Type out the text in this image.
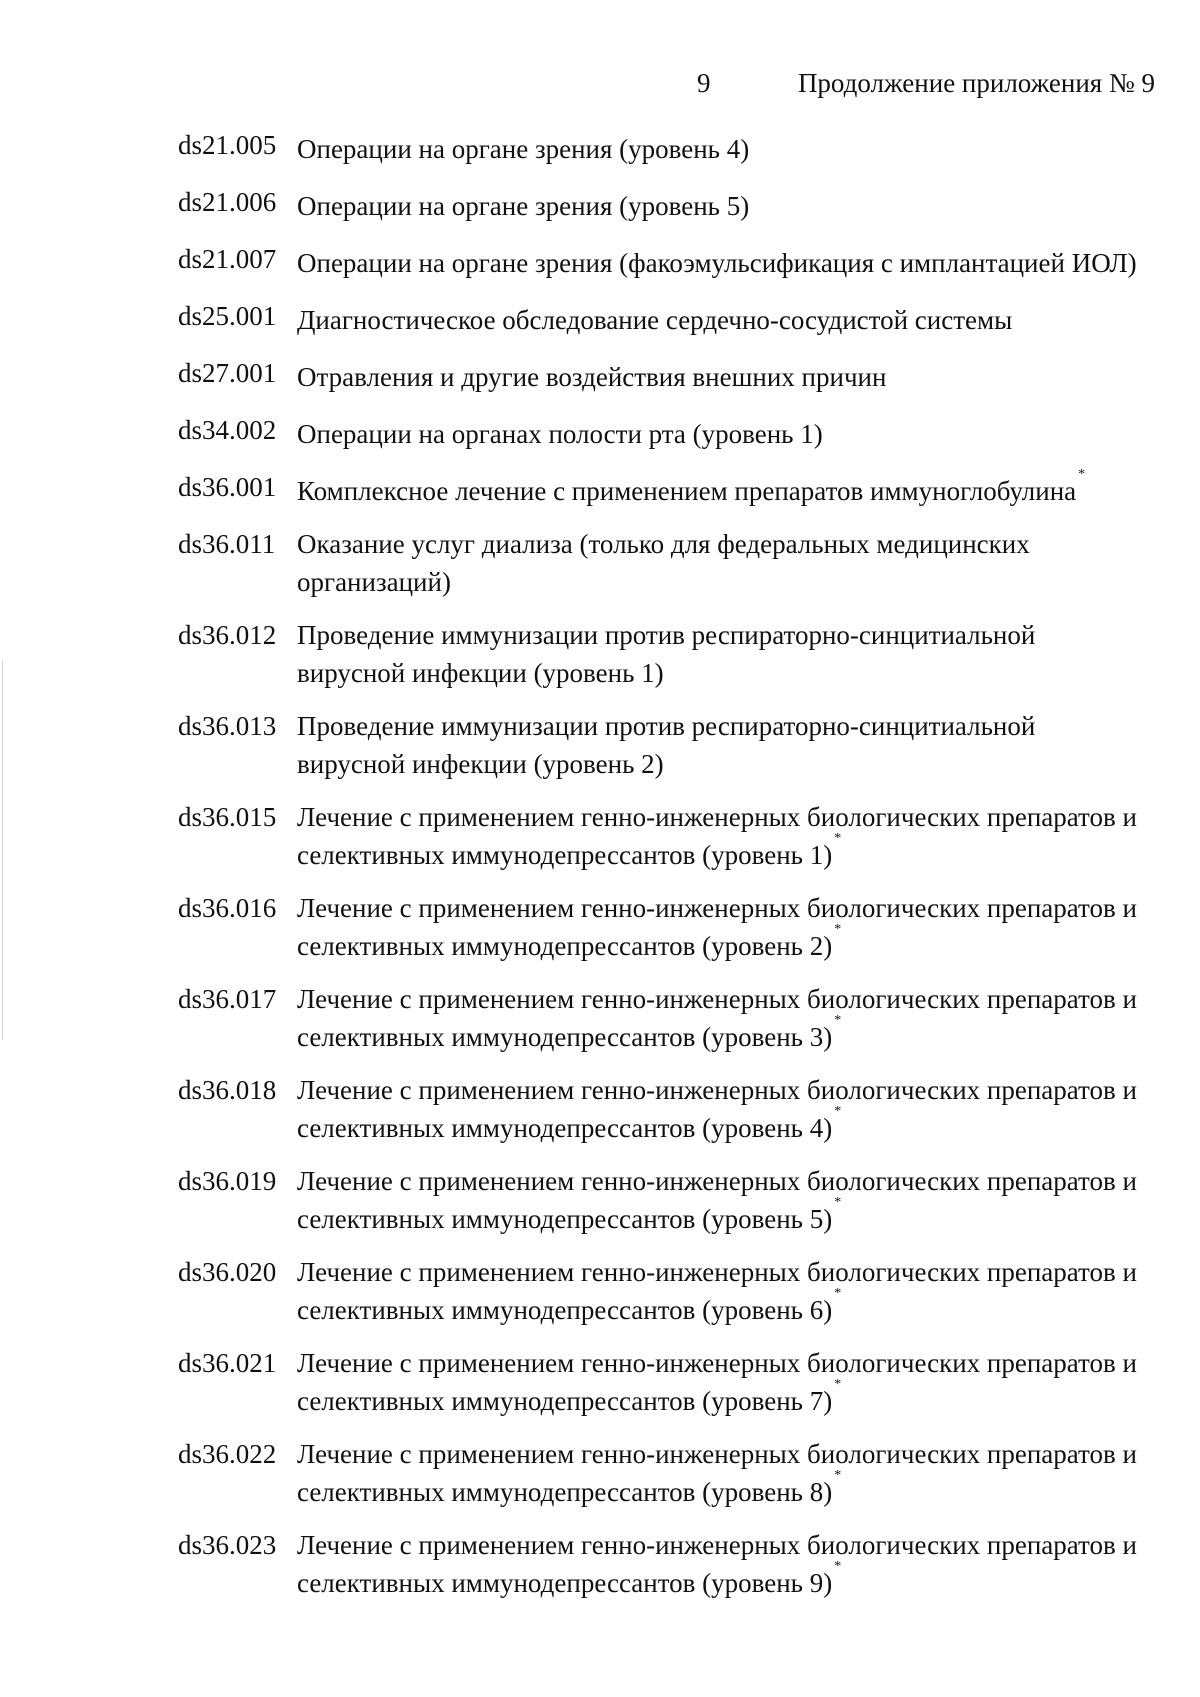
9	Продолжение приложения № 9
ds21.005 Операции на органе зрения (уровень 4)
ds21.006 Операции на органе зрения (уровень 5)
ds21.007 Операции на органе зрения (факоэмульсификация с имплантацией ИОЛ)
ds25.001 Диагностическое обследование сердечно-сосудистой системы
ds27.001 Отравления и другие воздействия внешних причин
ds34.002 Операции на органах полости рта (уровень 1)
ds36.001 Комплексное лечение с применением препаратов иммуноглобулина*
ds36.011 Оказание услуг диализа (только для федеральных медицинских организаций)
ds36.012 Проведение иммунизации против респираторно-синцитиальной вирусной инфекции (уровень 1)
ds36.013 Проведение иммунизации против респираторно-синцитиальной вирусной инфекции (уровень 2)
ds36.015 Лечение с применением генно-инженерных биологических препаратов и селективных иммунодепрессантов (уровень 1)*
ds36.016 Лечение с применением генно-инженерных биологических препаратов и селективных иммунодепрессантов (уровень 2)*
ds36.017 Лечение с применением генно-инженерных биологических препаратов и селективных иммунодепрессантов (уровень 3)*
ds36.018 Лечение с применением генно-инженерных биологических препаратов и селективных иммунодепрессантов (уровень 4)*
ds36.019 Лечение с применением генно-инженерных биологических препаратов и селективных иммунодепрессантов (уровень 5)*
ds36.020 Лечение с применением генно-инженерных биологических препаратов и селективных иммунодепрессантов (уровень 6)*
ds36.021 Лечение с применением генно-инженерных биологических препаратов и селективных иммунодепрессантов (уровень 7)*
ds36.022 Лечение с применением генно-инженерных биологических препаратов и селективных иммунодепрессантов (уровень 8)*
ds36.023 Лечение с применением генно-инженерных биологических препаратов и селективных иммунодепрессантов (уровень 9)*
